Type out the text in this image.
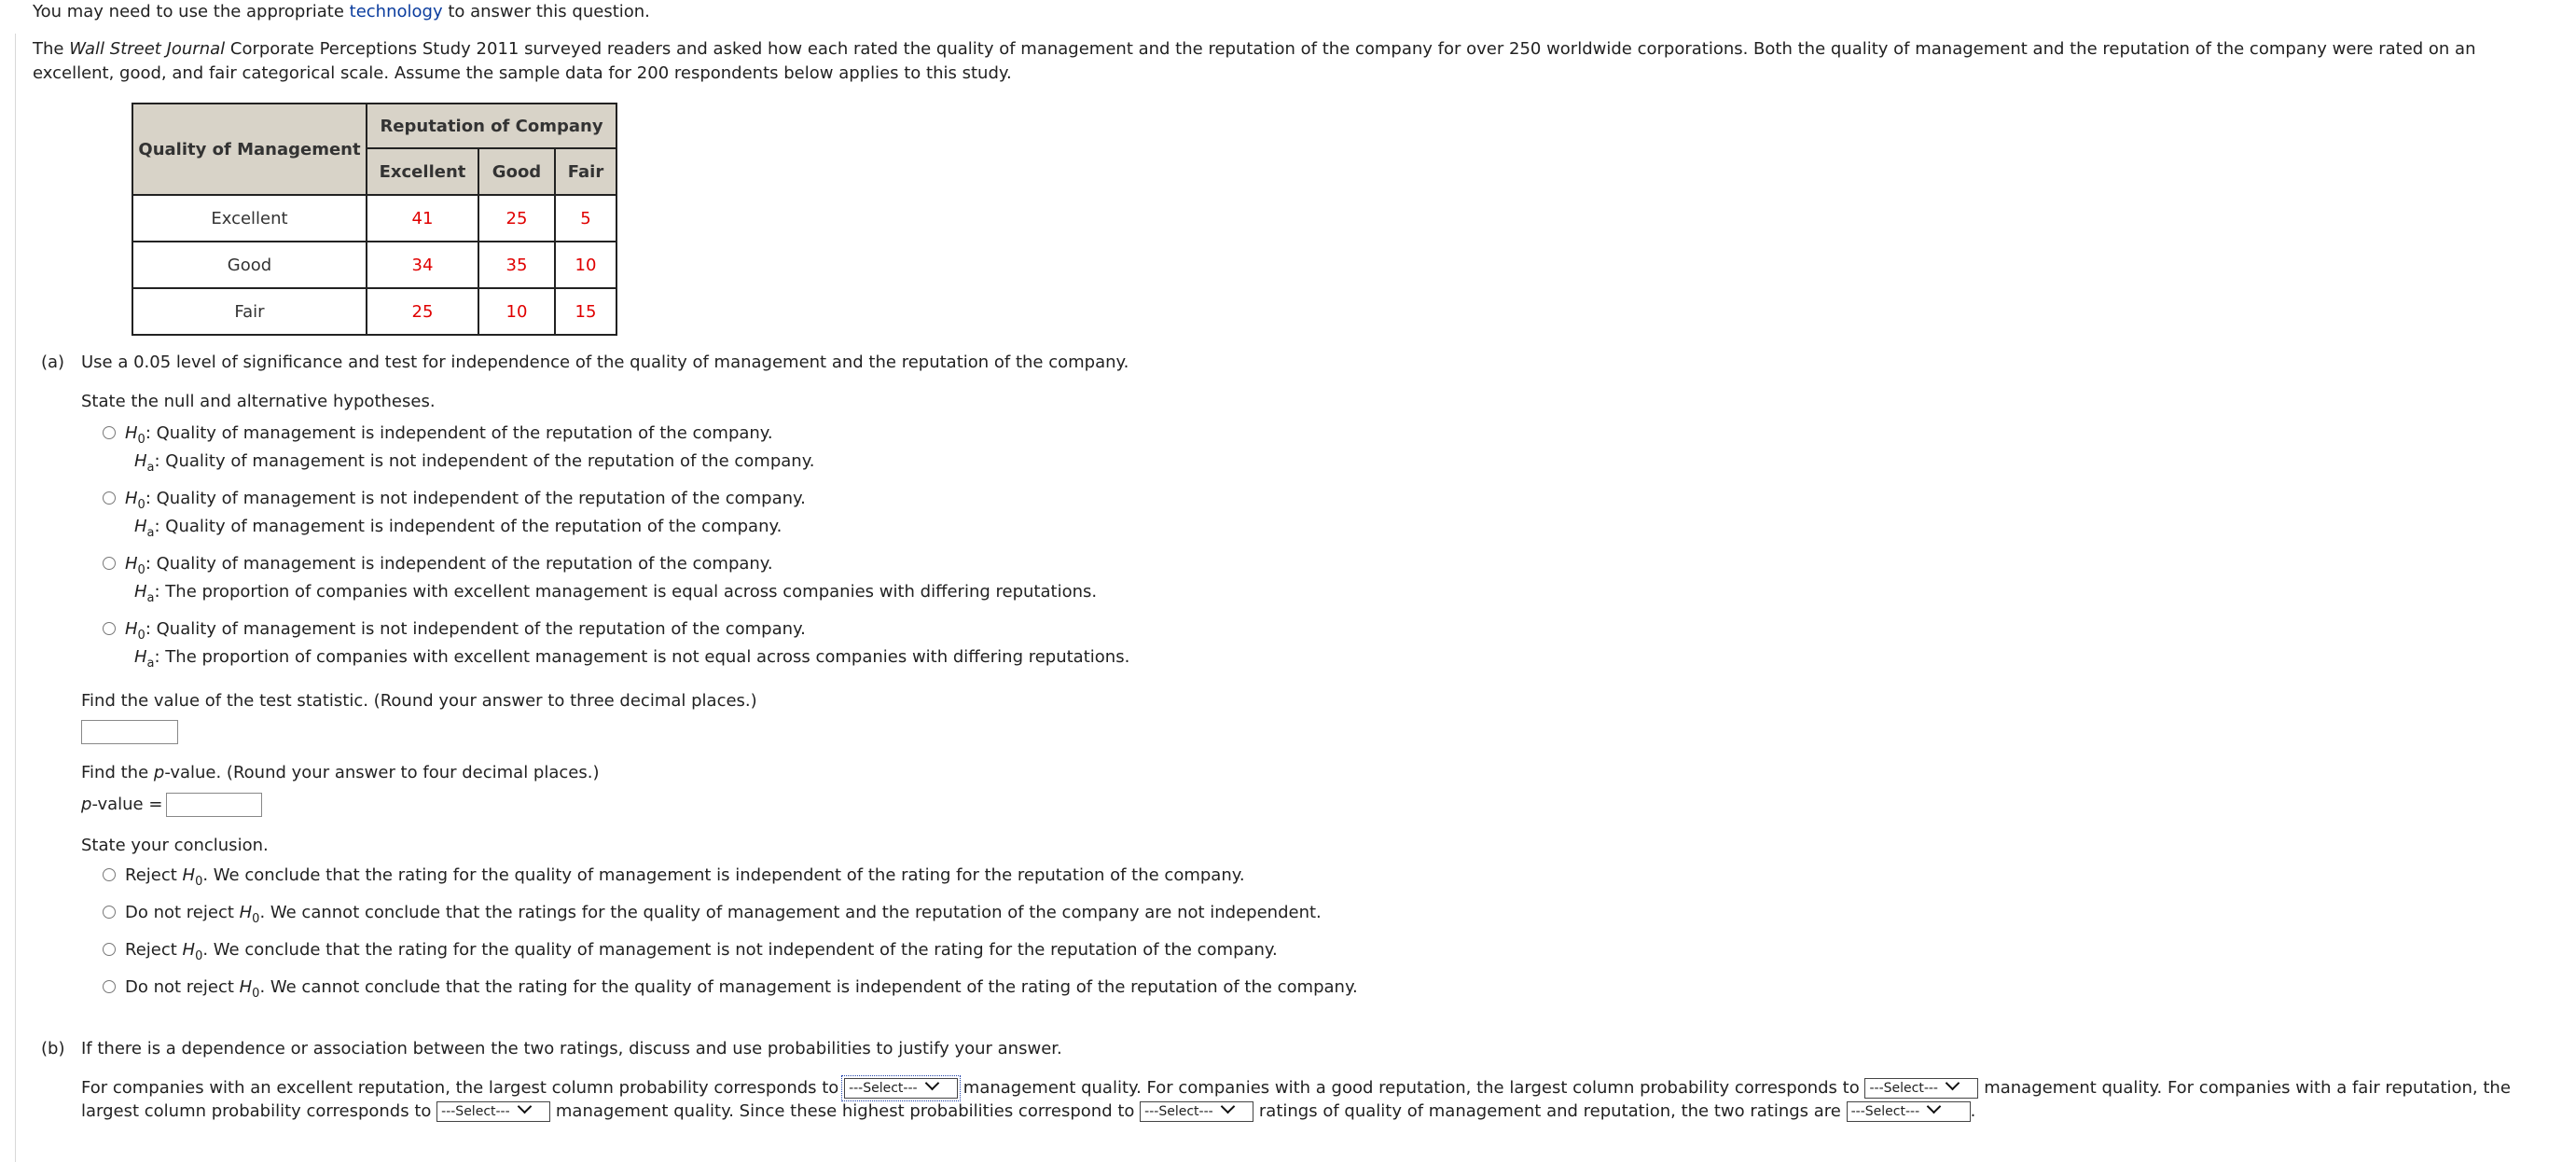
You may need to use the appropriate technology to answer this question.
The Wall Street Journal Corporate Perceptions Study 2011 surveyed readers and asked how each rated the quality of management and the reputation of the company for over 250 worldwide corporations. Both the quality of management and the reputation of the company were rated on an excellent, good, and fair categorical scale. Assume the sample data for 200 respondents below applies to this study.
Quality of Management	Reputation of Company		
	Excellent	Good	Fair
Excellent	41	25	5
Good	34	35	10
Fair	25	10	15
(a) Use a 0.05 level of significance and test for independence of the quality of management and the reputation of the company.
State the null and alternative hypotheses.
$H_0$: Quality of management is independent of the reputation of the company.
$H_a$: Quality of management is not independent of the reputation of the company.
$H_0$: Quality of management is not independent of the reputation of the company.
$H_a$: Quality of management is independent of the reputation of the company.
$H_0$: Quality of management is independent of the reputation of the company.
$H_a$: The proportion of companies with excellent management is equal across companies with differing reputations.
$H_0$: Quality of management is not independent of the reputation of the company.
$H_a$: The proportion of companies with excellent management is not equal across companies with differing reputations.
Find the value of the test statistic. (Round your answer to three decimal places.)
Find the p-value. (Round your answer to four decimal places.)
p-value =
State your conclusion.
Reject $H_0$. We conclude that the rating for the quality of management is independent of the rating for the reputation of the company.
Do not reject $H_0$. We cannot conclude that the ratings for the quality of management and the reputation of the company are not independent.
Reject $H_0$. We conclude that the rating for the quality of management is not independent of the rating for the reputation of the company.
Do not reject $H_0$. We cannot conclude that the rating for the quality of management is independent of the rating of the reputation of the company.
(b) If there is a dependence or association between the two ratings, discuss and use probabilities to justify your answer.
For companies with an excellent reputation, the largest column probability corresponds to ---Select---	management quality. For companies with a good reputation, the largest column probability corresponds to ---Select---	management quality. For companies with a fair reputation, the largest column probability corresponds to ---Select---	management quality. Since these highest probabilities correspond to ---Select---	ratings of quality of management and reputation, the two ratings are ---Select---	.
